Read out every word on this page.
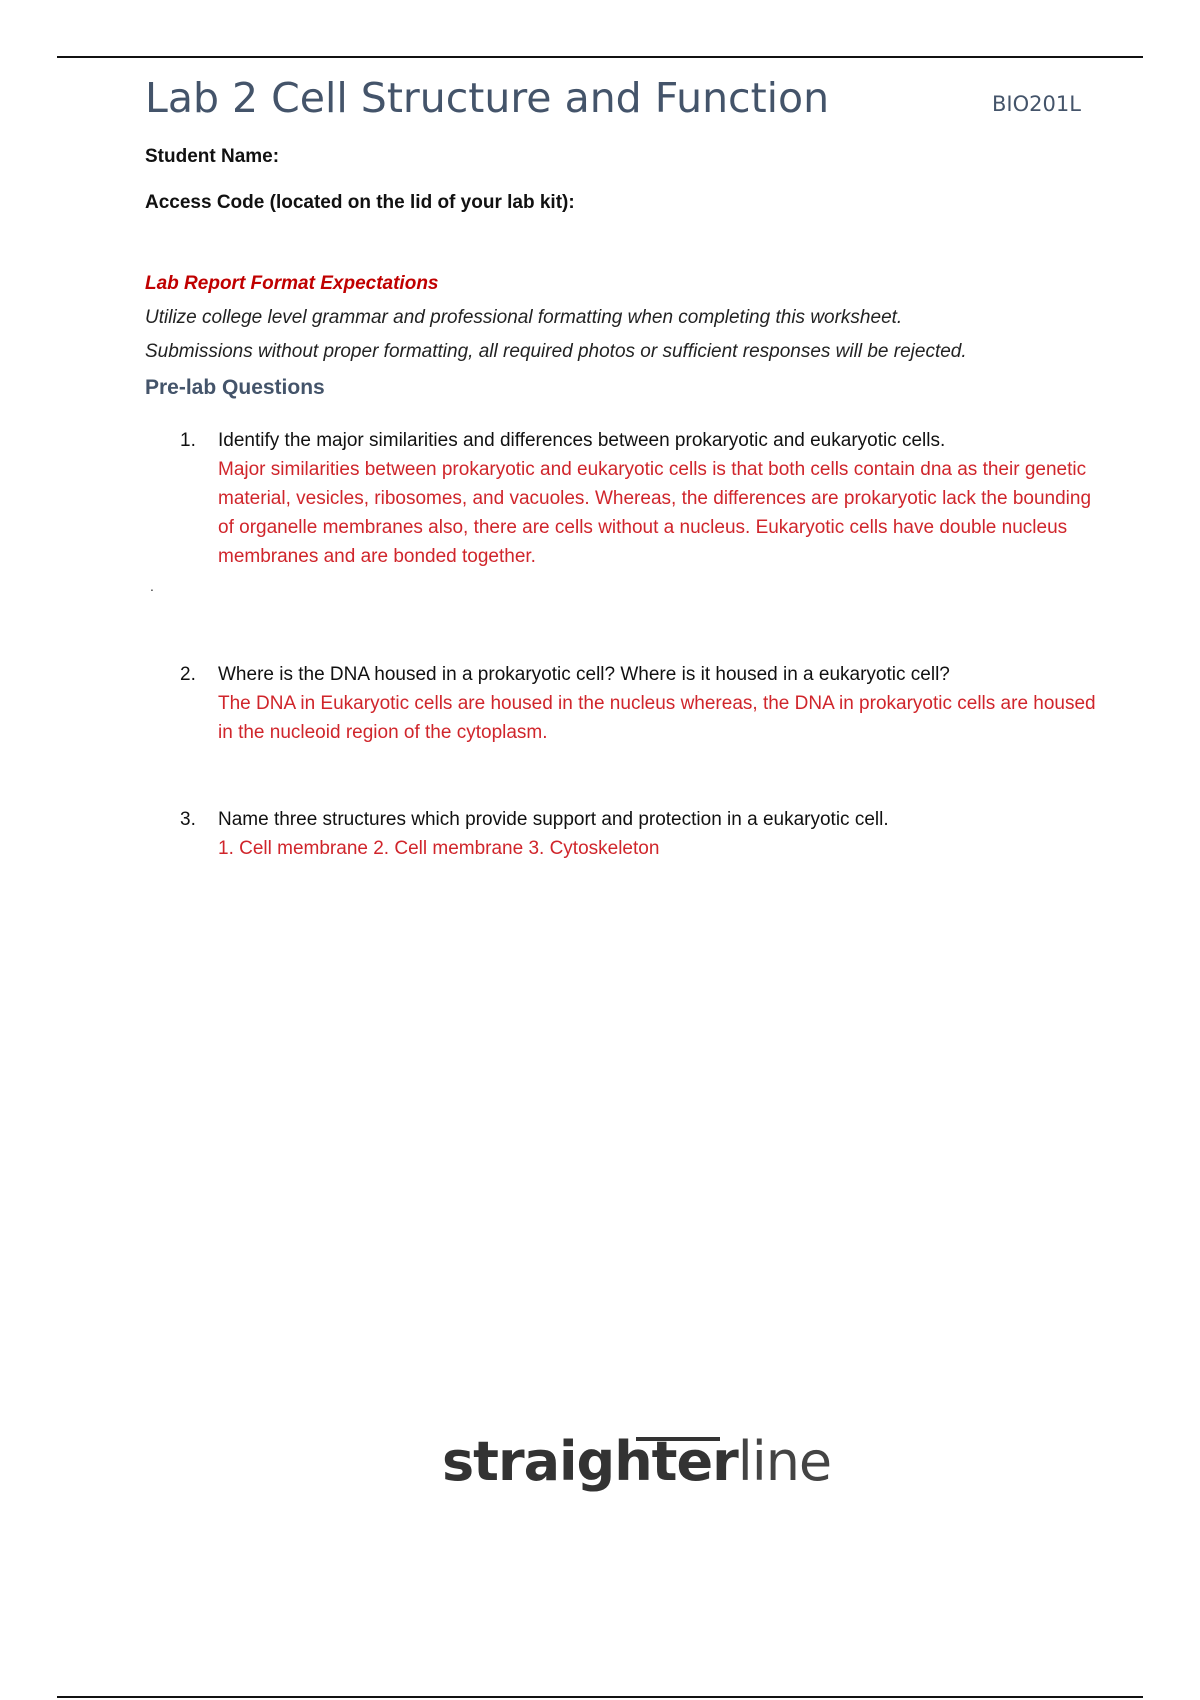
Lab 2 Cell Structure and Function	BIO201L
Student Name:
Access Code (located on the lid of your lab kit):
Lab Report Format Expectations
Utilize college level grammar and professional formatting when completing this worksheet.
Submissions without proper formatting, all required photos or sufficient responses will be rejected.
Pre-lab Questions
1. Identify the major similarities and differences between prokaryotic and eukaryotic cells.
Major similarities between prokaryotic and eukaryotic cells is that both cells contain dna as their genetic material, vesicles, ribosomes, and vacuoles. Whereas, the differences are prokaryotic lack the bounding of organelle membranes also, there are cells without a nucleus. Eukaryotic cells have double nucleus membranes and are bonded together.
.
2. Where is the DNA housed in a prokaryotic cell? Where is it housed in a eukaryotic cell?
The DNA in Eukaryotic cells are housed in the nucleus whereas, the DNA in prokaryotic cells are housed in the nucleoid region of the cytoplasm.
3. Name three structures which provide support and protection in a eukaryotic cell.
1. Cell membrane 2. Cell membrane 3. Cytoskeleton
straighterline
